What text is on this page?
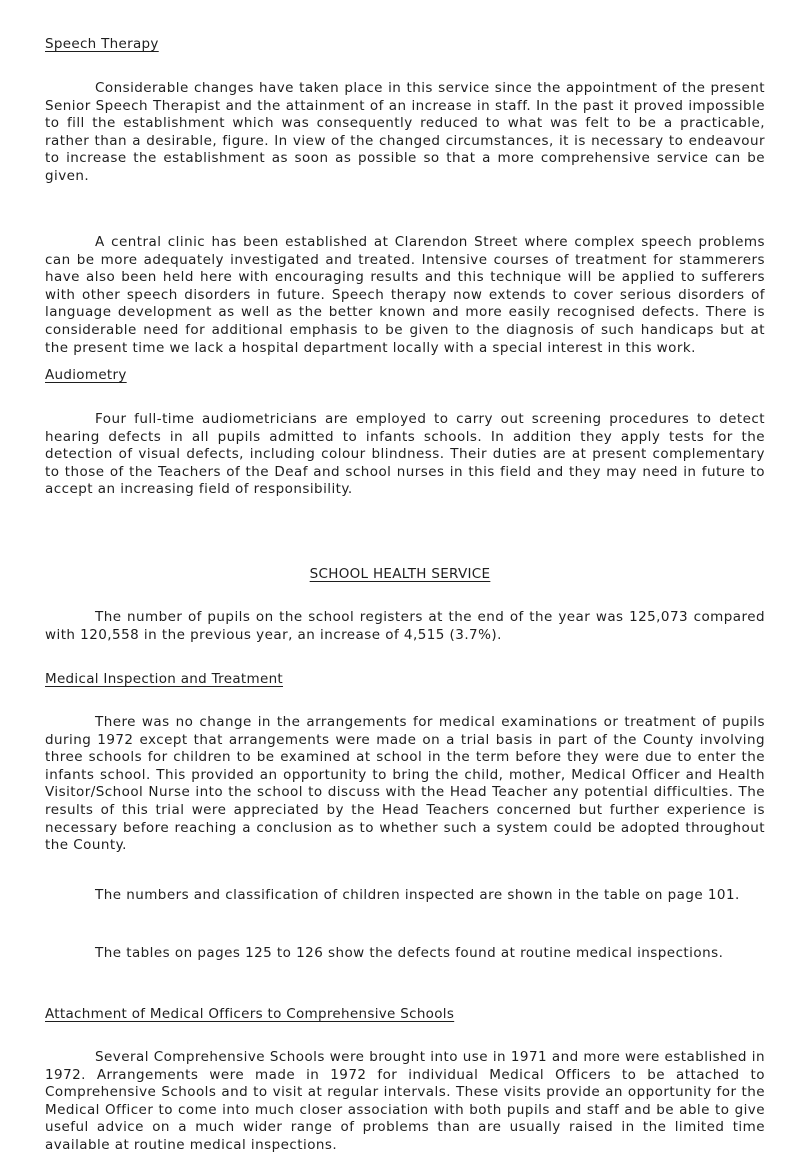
Speech Therapy

Considerable changes have taken place in this service since the appointment of the present Senior Speech Therapist and the attainment of an increase in staff. In the past it proved impossible to fill the establishment which was consequently reduced to what was felt to be a practicable, rather than a desirable, figure. In view of the changed circumstances, it is necessary to endeavour to increase the establishment as soon as possible so that a more comprehensive service can be given.

A central clinic has been established at Clarendon Street where complex speech problems can be more adequately investigated and treated. Intensive courses of treatment for stammerers have also been held here with encouraging results and this technique will be applied to sufferers with other speech disorders in future. Speech therapy now extends to cover serious disorders of language development as well as the better known and more easily recognised defects. There is considerable need for additional emphasis to be given to the diagnosis of such handicaps but at the present time we lack a hospital department locally with a special interest in this work.

Audiometry

Four full-time audiometricians are employed to carry out screening procedures to detect hearing defects in all pupils admitted to infants schools. In addition they apply tests for the detection of visual defects, including colour blindness. Their duties are at present complementary to those of the Teachers of the Deaf and school nurses in this field and they may need in future to accept an increasing field of responsibility.

SCHOOL HEALTH SERVICE

The number of pupils on the school registers at the end of the year was 125,073 compared with 120,558 in the previous year, an increase of 4,515 (3.7%).

Medical Inspection and Treatment

There was no change in the arrangements for medical examinations or treatment of pupils during 1972 except that arrangements were made on a trial basis in part of the County involving three schools for children to be examined at school in the term before they were due to enter the infants school. This provided an opportunity to bring the child, mother, Medical Officer and Health Visitor/School Nurse into the school to discuss with the Head Teacher any potential difficulties. The results of this trial were appreciated by the Head Teachers concerned but further experience is necessary before reaching a conclusion as to whether such a system could be adopted throughout the County.

The numbers and classification of children inspected are shown in the table on page 101.

The tables on pages 125 to 126 show the defects found at routine medical inspections.

Attachment of Medical Officers to Comprehensive Schools

Several Comprehensive Schools were brought into use in 1971 and more were established in 1972. Arrangements were made in 1972 for individual Medical Officers to be attached to Comprehensive Schools and to visit at regular intervals. These visits provide an opportunity for the Medical Officer to come into much closer association with both pupils and staff and be able to give useful advice on a much wider range of problems than are usually raised in the limited time available at routine medical inspections.
